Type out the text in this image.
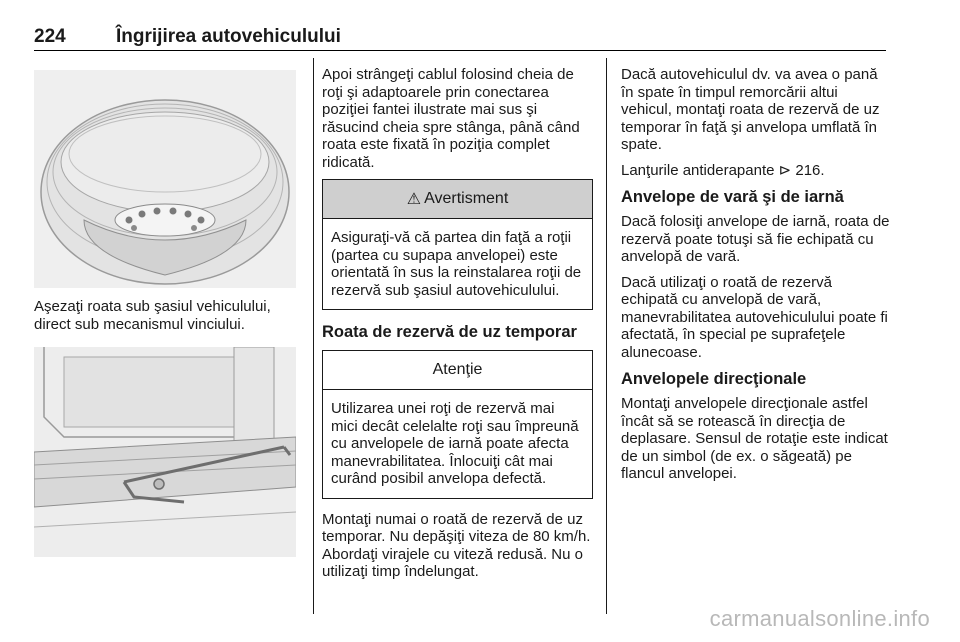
224	Îngrijirea autovehiculului

Aşezaţi roata sub şasiul vehiculului, direct sub mecanismul vinciului.

Apoi strângeţi cablul folosind cheia de roţi şi adaptoarele prin conectarea poziţiei fantei ilustrate mai sus şi răsucind cheia spre stânga, până când roata este fixată în poziţia complet ridicată.

⚠ Avertisment

Asiguraţi-vă că partea din faţă a roţii (partea cu supapa anvelopei) este orientată în sus la reinstalarea roţii de rezervă sub şasiul autovehiculului.

Roata de rezervă de uz temporar
Atenţie

Utilizarea unei roţi de rezervă mai mici decât celelalte roţi sau împreună cu anvelopele de iarnă poate afecta manevrabilitatea. Înlocuiţi cât mai curând posibil anvelopa defectă.

Montaţi numai o roată de rezervă de uz temporar. Nu depăşiţi viteza de 80 km/h. Abordaţi virajele cu viteză redusă. Nu o utilizaţi timp îndelungat.

Dacă autovehiculul dv. va avea o pană în spate în timpul remorcării altui vehicul, montaţi roata de rezervă de uz temporar în faţă şi anvelopa umflată în spate.

Lanţurile antiderapante ⊳ 216.

Anvelope de vară şi de iarnă

Dacă folosiţi anvelope de iarnă, roata de rezervă poate totuşi să fie echipată cu anvelopă de vară.

Dacă utilizaţi o roată de rezervă echipată cu anvelopă de vară, manevrabilitatea autovehiculului poate fi afectată, în special pe suprafeţele alunecoase.

Anvelopele direcţionale

Montaţi anvelopele direcţionale astfel încât să se rotească în direcţia de deplasare. Sensul de rotaţie este indicat de un simbol (de ex. o săgeată) pe flancul anvelopei.

carmanualsonline.info
